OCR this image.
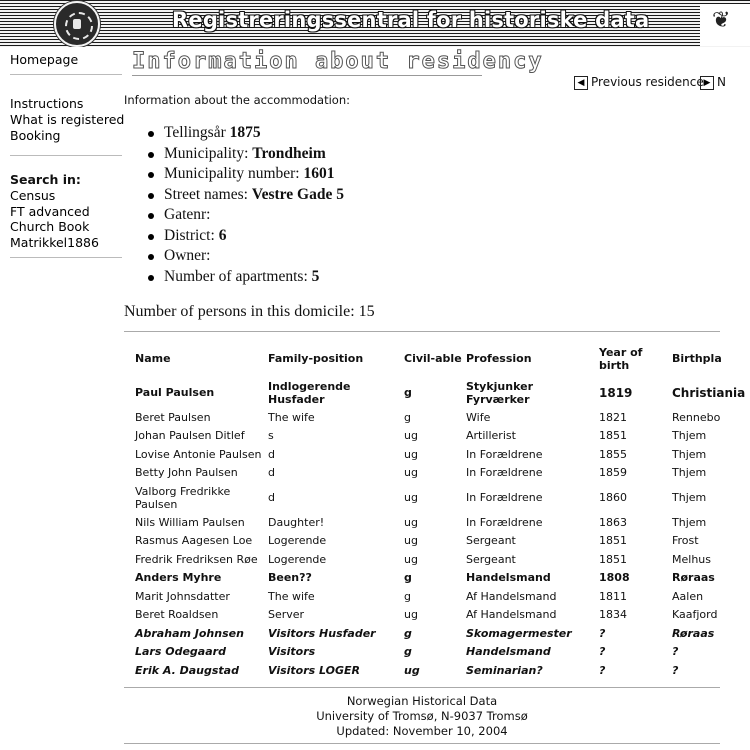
Registreringssentral for historiske data	❦
Homepage
Instructions
What is registered
Booking
Search in:
Census
FT advanced
Church Book
Matrikkel1886
Information about residency
◀ Previous residence ▶ N
Information about the accommodation:
Tellingsår 1875
Municipality: Trondheim
Municipality number: 1601
Street names: Vestre Gade 5
Gatenr:
District: 6
Owner:
Number of apartments: 5
Number of persons in this domicile: 15
Name	Family-position	Civil-able	Profession	Year of birth	Birthpla
Paul Paulsen	Indlogerende Husfader	g	Stykjunker Fyrværker	1819	Christiania
Beret Paulsen	The wife	g	Wife	1821	Rennebo
Johan Paulsen Ditlef	s	ug	Artillerist	1851	Thjem
Lovise Antonie Paulsen	d	ug	In Forældrene	1855	Thjem
Betty John Paulsen	d	ug	In Forældrene	1859	Thjem
Valborg Fredrikke Paulsen	d	ug	In Forældrene	1860	Thjem
Nils William Paulsen	Daughter!	ug	In Forældrene	1863	Thjem
Rasmus Aagesen Loe	Logerende	ug	Sergeant	1851	Frost
Fredrik Fredriksen Røe	Logerende	ug	Sergeant	1851	Melhus
Anders Myhre	Been??	g	Handelsmand	1808	Røraas
Marit Johnsdatter	The wife	g	Af Handelsmand	1811	Aalen
Beret Roaldsen	Server	ug	Af Handelsmand	1834	Kaafjord
Abraham Johnsen	Visitors Husfader	g	Skomagermester	?	Røraas
Lars Odegaard	Visitors	g	Handelsmand	?	?
Erik A. Daugstad	Visitors LOGER	ug	Seminarian?	?	?
Norwegian Historical Data
University of Tromsø, N-9037 Tromsø
Updated: November 10, 2004
